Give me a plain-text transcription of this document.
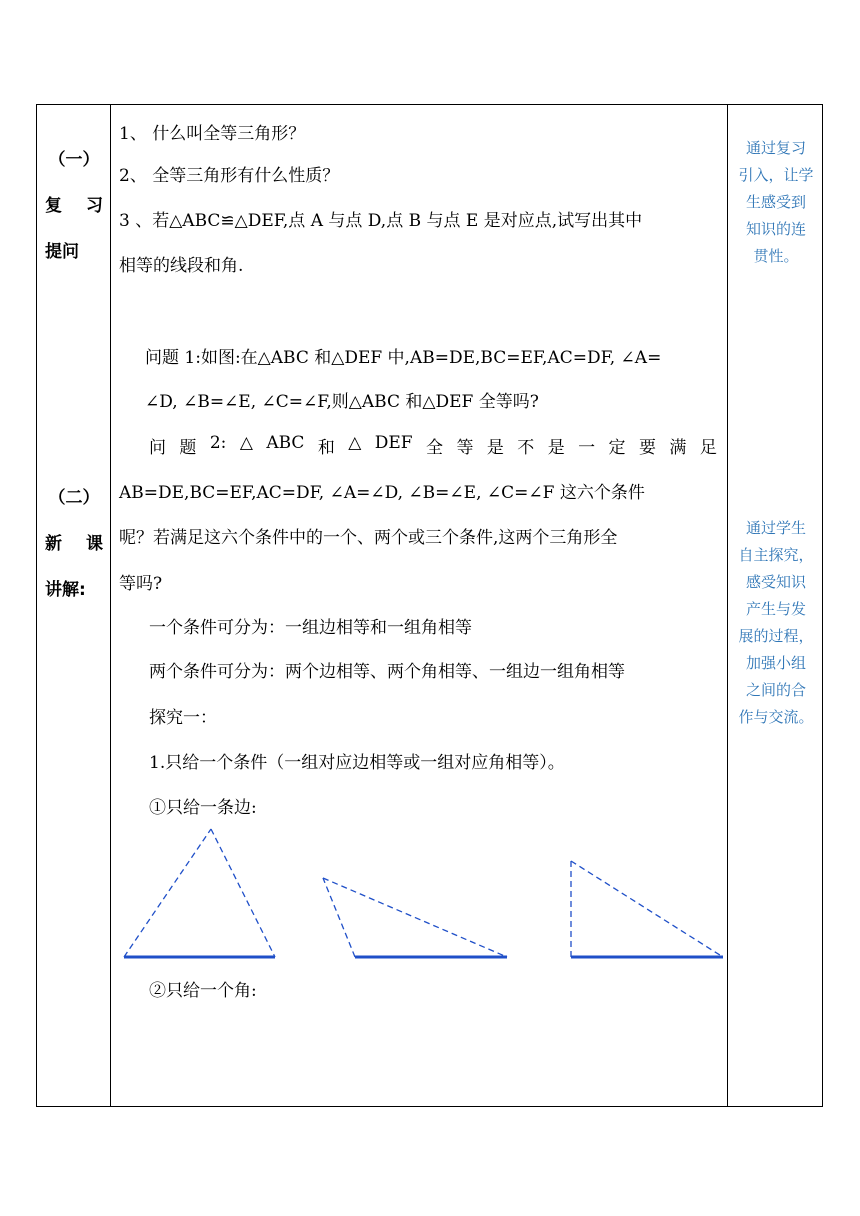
（一）
复 习
提问
1、 什么叫全等三角形？
2、 全等三角形有什么性质？
3 、若△ABC≌△DEF,点 A 与点 D,点 B 与点 E 是对应点,试写出其中
相等的线段和角.
通过复习
引入，让学
生感受到
知识的连
贯性。
（二）
新 课
讲解:
问题 1:如图:在△ABC 和△DEF 中,AB=DE,BC=EF,AC=DF, ∠A=
∠D, ∠B=∠E, ∠C=∠F,则△ABC 和△DEF 全等吗?
问 题 2: △ ABC 和 △ DEF 全 等 是 不 是 一 定 要 满 足
AB=DE,BC=EF,AC=DF, ∠A=∠D, ∠B=∠E, ∠C=∠F 这六个条件
呢？若满足这六个条件中的一个、两个或三个条件,这两个三角形全
等吗?
一个条件可分为：一组边相等和一组角相等
两个条件可分为：两个边相等、两个角相等、一组边一组角相等
探究一：
1.只给一个条件（一组对应边相等或一组对应角相等）。
①只给一条边:
②只给一个角:
通过学生
自主探究，
感受知识
产生与发
展的过程，
加强小组
之间的合
作与交流。
